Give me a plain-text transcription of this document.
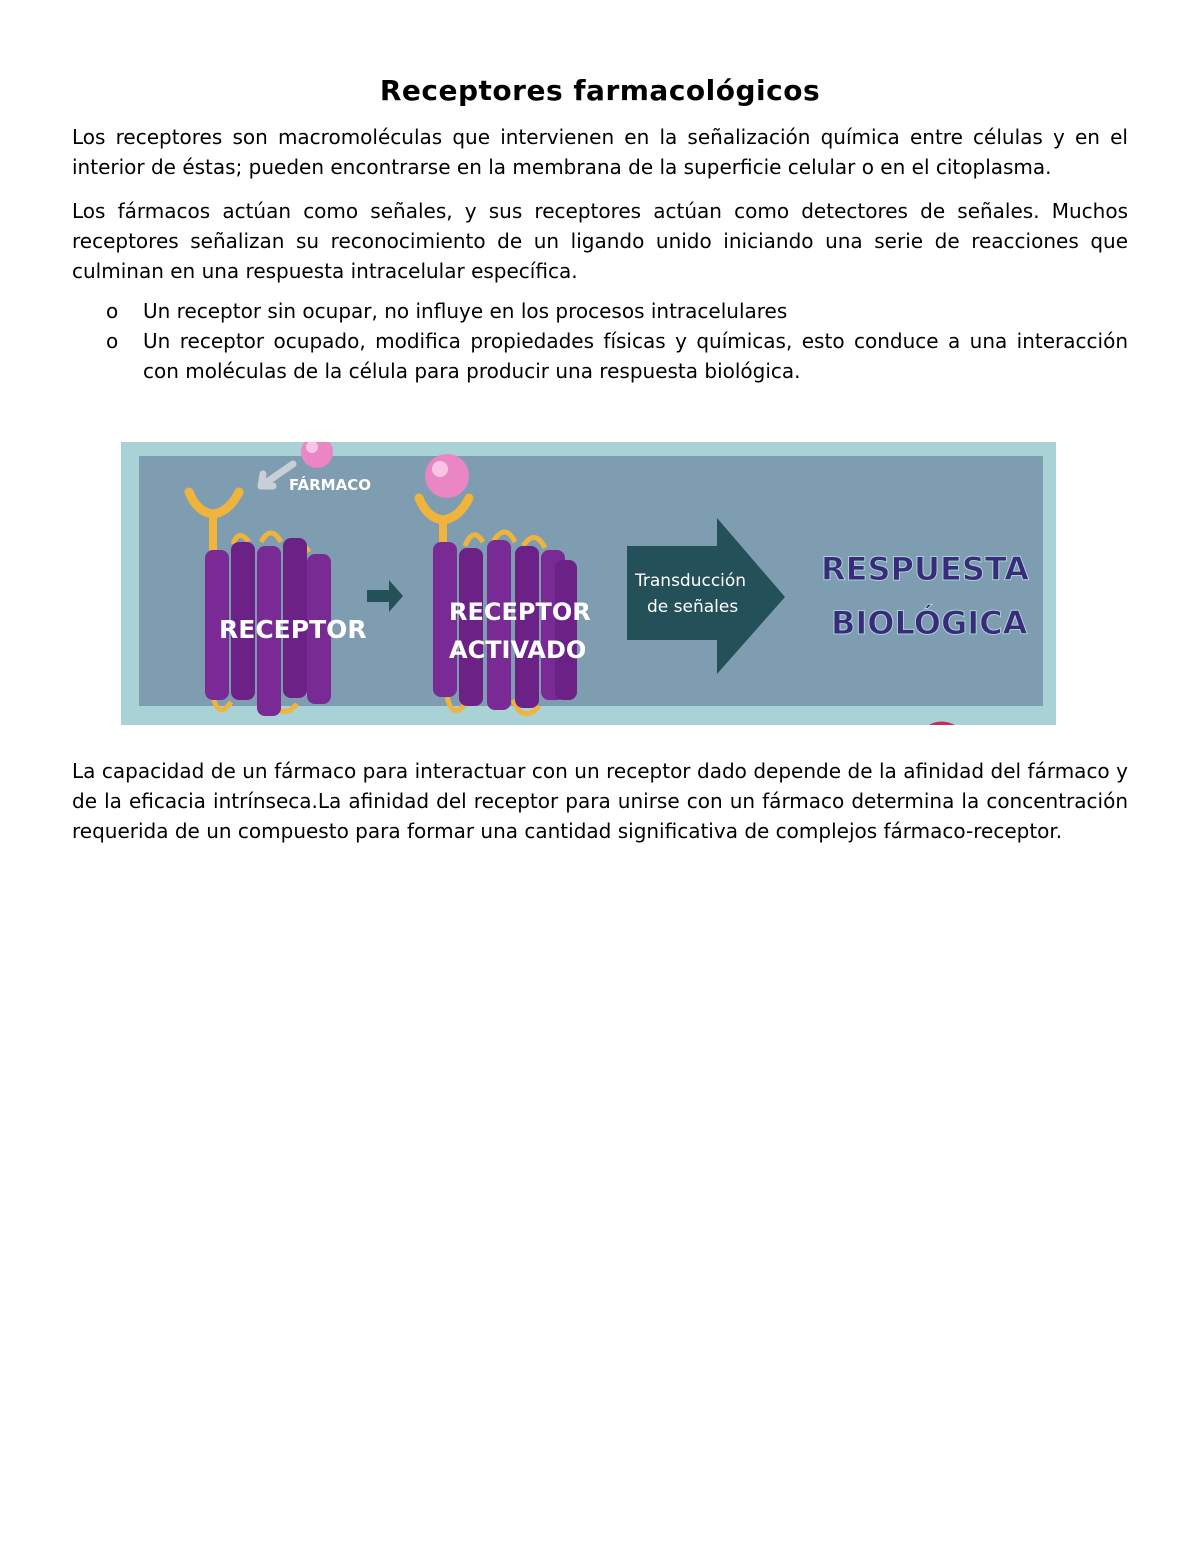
Receptores farmacológicos

Los receptores son macromoléculas que intervienen en la señalización química entre células y en el interior de éstas; pueden encontrarse en la membrana de la superficie celular o en el citoplasma.

Los fármacos actúan como señales, y sus receptores actúan como detectores de señales. Muchos receptores señalizan su reconocimiento de un ligando unido iniciando una serie de reacciones que culminan en una respuesta intracelular específica.

o Un receptor sin ocupar, no influye en los procesos intracelulares
o Un receptor ocupado, modifica propiedades físicas y químicas, esto conduce a una interacción con moléculas de la célula para producir una respuesta biológica.
FÁRMACO
RECEPTOR
RECEPTOR
ACTIVADO
Transducción
de señales
RESPUESTA
BIOLÓGICA

La capacidad de un fármaco para interactuar con un receptor dado depende de la afinidad del fármaco y de la eficacia intrínseca.La afinidad del receptor para unirse con un fármaco determina la concentración requerida de un compuesto para formar una cantidad significativa de complejos fármaco-receptor.
